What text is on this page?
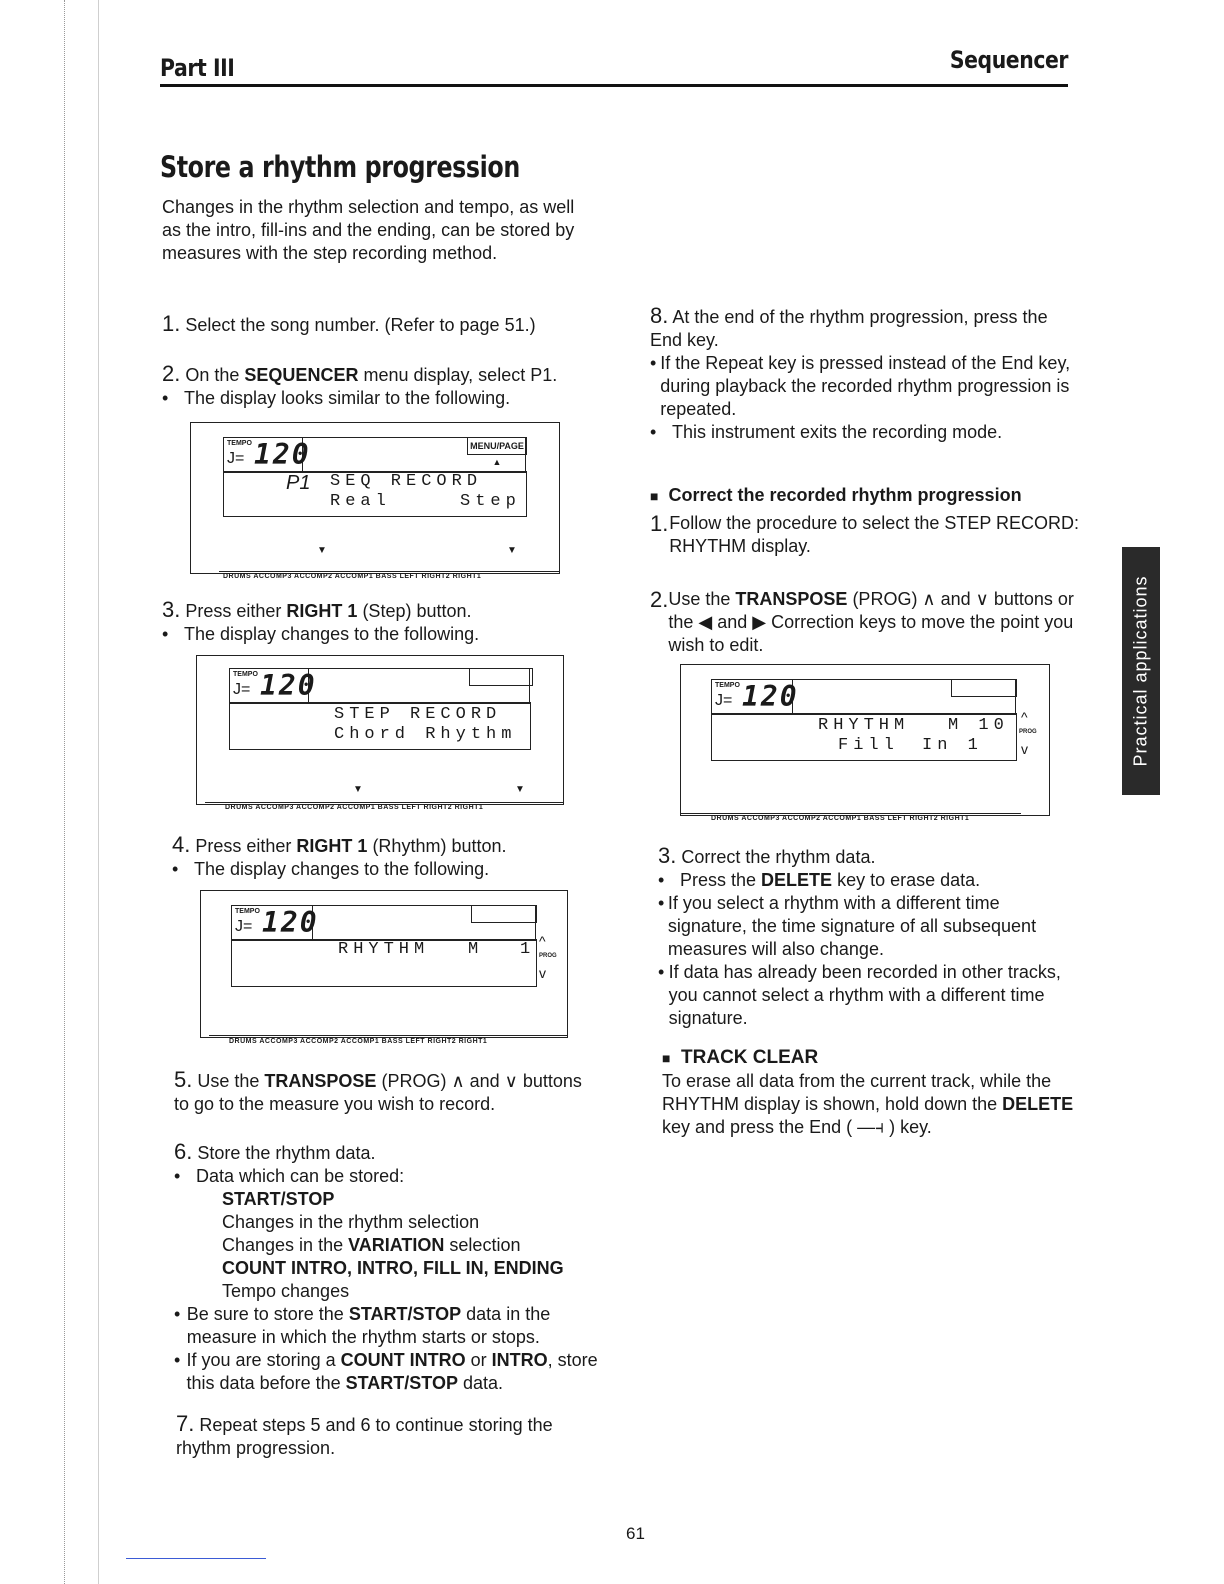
Part III	Sequencer
Store a rhythm progression
Changes in the rhythm selection and tempo, as well as the intro, fill-ins and the ending, can be stored by measures with the step recording method.
1. Select the song number. (Refer to page 51.)
2. On the SEQUENCER menu display, select P1.
• The display looks similar to the following.
TEMPO
J= 120	MENU/PAGE ▲
P1 SEQ RECORD
Real	Step
▼	▼
DRUMS ACCOMP3 ACCOMP2 ACCOMP1 BASS LEFT RIGHT2 RIGHT1
3. Press either RIGHT 1 (Step) button.
• The display changes to the following.
TEMPO
J= 120
STEP RECORD
Chord Rhythm
▼	▼
DRUMS ACCOMP3 ACCOMP2 ACCOMP1 BASS LEFT RIGHT2 RIGHT1
4. Press either RIGHT 1 (Rhythm) button.
• The display changes to the following.
TEMPO
J= 120
RHYTHM M 1 ^
PROG
v
DRUMS ACCOMP3 ACCOMP2 ACCOMP1 BASS LEFT RIGHT2 RIGHT1
5. Use the TRANSPOSE (PROG) ∧ and ∨ buttons to go to the measure you wish to record.
6. Store the rhythm data.
• Data which can be stored:
START/STOP
Changes in the rhythm selection
Changes in the VARIATION selection
COUNT INTRO, INTRO, FILL IN, ENDING
Tempo changes
• Be sure to store the START/STOP data in the measure in which the rhythm starts or stops.
• If you are storing a COUNT INTRO or INTRO, store this data before the START/STOP data.
7. Repeat steps 5 and 6 to continue storing the rhythm progression.
8. At the end of the rhythm progression, press the End key.
• If the Repeat key is pressed instead of the End key, during playback the recorded rhythm progression is repeated.
• This instrument exits the recording mode.
■ Correct the recorded rhythm progression
1. Follow the procedure to select the STEP RECORD: RHYTHM display.
2. Use the TRANSPOSE (PROG) ∧ and ∨ buttons or the ◀ and ▶ Correction keys to move the point you wish to edit.
TEMPO
J= 120
RHYTHM M 10
Fill In 1
^
PROG
v
DRUMS ACCOMP3 ACCOMP2 ACCOMP1 BASS LEFT RIGHT2 RIGHT1
3. Correct the rhythm data.
• Press the DELETE key to erase data.
• If you select a rhythm with a different time signature, the time signature of all subsequent measures will also change.
• If data has already been recorded in other tracks, you cannot select a rhythm with a different time signature.
■ TRACK CLEAR
To erase all data from the current track, while the RHYTHM display is shown, hold down the DELETE key and press the End ( —⫞ ) key.
Practical applications
61
